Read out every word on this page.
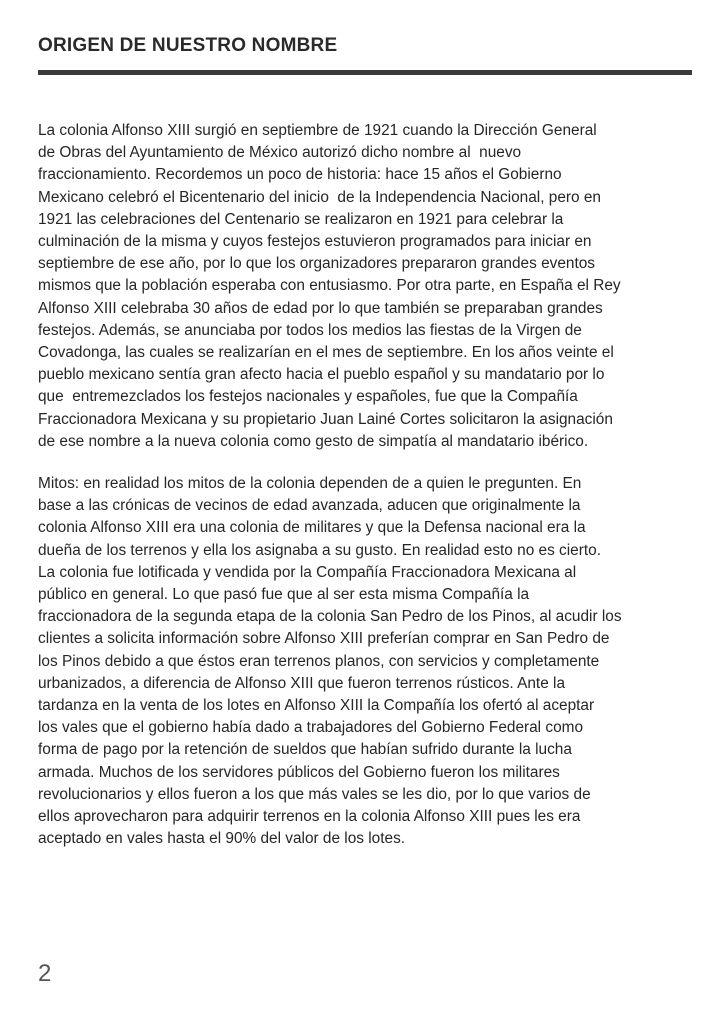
ORIGEN DE NUESTRO NOMBRE

La colonia Alfonso XIII surgió en septiembre de 1921 cuando la Dirección General
de Obras del Ayuntamiento de México autorizó dicho nombre al  nuevo
fraccionamiento. Recordemos un poco de historia: hace 15 años el Gobierno
Mexicano celebró el Bicentenario del inicio  de la Independencia Nacional, pero en
1921 las celebraciones del Centenario se realizaron en 1921 para celebrar la
culminación de la misma y cuyos festejos estuvieron programados para iniciar en
septiembre de ese año, por lo que los organizadores prepararon grandes eventos
mismos que la población esperaba con entusiasmo. Por otra parte, en España el Rey
Alfonso XIII celebraba 30 años de edad por lo que también se preparaban grandes
festejos. Además, se anunciaba por todos los medios las fiestas de la Virgen de
Covadonga, las cuales se realizarían en el mes de septiembre. En los años veinte el
pueblo mexicano sentía gran afecto hacia el pueblo español y su mandatario por lo
que  entremezclados los festejos nacionales y españoles, fue que la Compañía
Fraccionadora Mexicana y su propietario Juan Lainé Cortes solicitaron la asignación
de ese nombre a la nueva colonia como gesto de simpatía al mandatario ibérico.

Mitos: en realidad los mitos de la colonia dependen de a quien le pregunten. En
base a las crónicas de vecinos de edad avanzada, aducen que originalmente la
colonia Alfonso XIII era una colonia de militares y que la Defensa nacional era la
dueña de los terrenos y ella los asignaba a su gusto. En realidad esto no es cierto.
La colonia fue lotificada y vendida por la Compañía Fraccionadora Mexicana al
público en general. Lo que pasó fue que al ser esta misma Compañía la
fraccionadora de la segunda etapa de la colonia San Pedro de los Pinos, al acudir los
clientes a solicita información sobre Alfonso XIII preferían comprar en San Pedro de
los Pinos debido a que éstos eran terrenos planos, con servicios y completamente
urbanizados, a diferencia de Alfonso XIII que fueron terrenos rústicos. Ante la
tardanza en la venta de los lotes en Alfonso XIII la Compañía los ofertó al aceptar
los vales que el gobierno había dado a trabajadores del Gobierno Federal como
forma de pago por la retención de sueldos que habían sufrido durante la lucha
armada. Muchos de los servidores públicos del Gobierno fueron los militares
revolucionarios y ellos fueron a los que más vales se les dio, por lo que varios de
ellos aprovecharon para adquirir terrenos en la colonia Alfonso XIII pues les era
aceptado en vales hasta el 90% del valor de los lotes.

2
